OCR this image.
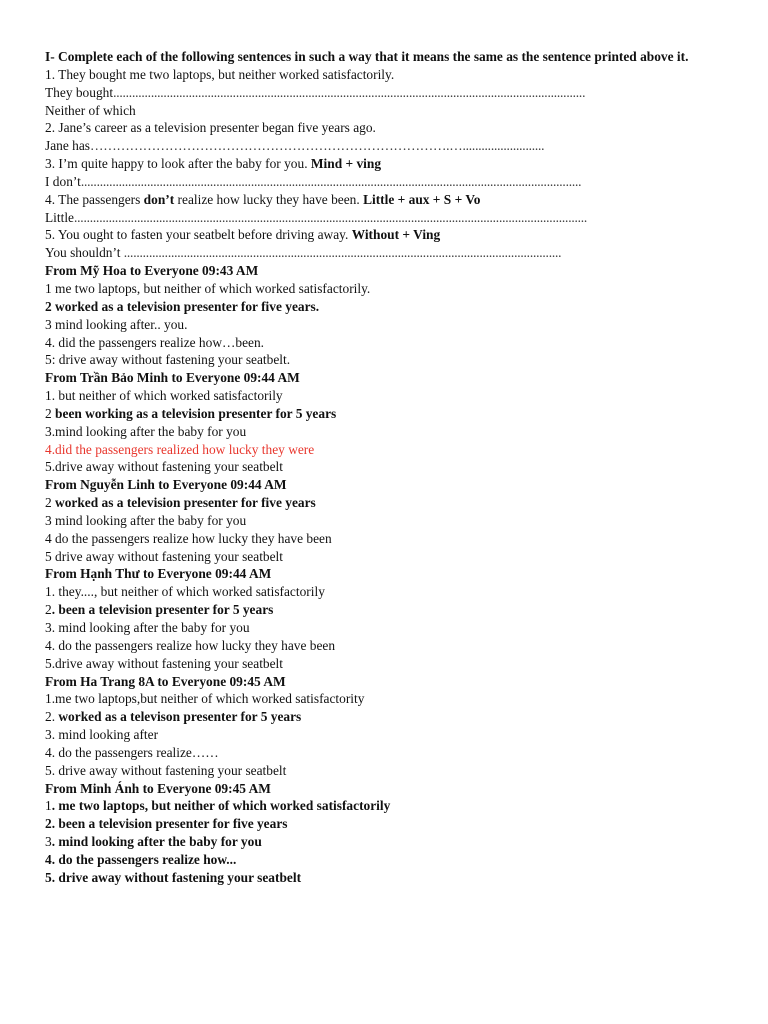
I- Complete each of the following sentences in such a way that it means the same as the sentence printed above it.
1. They bought me two laptops, but neither worked satisfactorily.
They bought......................................................................................................................................................
Neither of which
2. Jane’s career as a television presenter began five years ago.
Jane has……………………………………………………………………….…..........................
3. I’m quite happy to look after the baby for you. Mind + ving
I don’t...............................................................................................................................................................
4. The passengers don’t realize how lucky they have been. Little + aux + S + Vo
Little...................................................................................................................................................................
5. You ought to fasten your seatbelt before driving away. Without + Ving
You shouldn’t ...........................................................................................................................................
From Mỹ Hoa to Everyone 09:43 AM
1 me two laptops, but neither of which worked satisfactorily.
2 worked as a television presenter for five years.
3 mind looking after.. you.
4. did the passengers realize how…been.
5: drive away without fastening your seatbelt.
From Trần Bảo Minh to Everyone 09:44 AM
1. but neither of which worked satisfactorily
2 been working as a television presenter for 5 years
3.mind looking after the baby for you
4.did the passengers realized how lucky they were
5.drive away without fastening your seatbelt
From Nguyễn Linh to Everyone 09:44 AM
2 worked as a television presenter for five years
3 mind looking after the baby for you
4 do the passengers realize how lucky they have been
5 drive away without fastening your seatbelt
From Hạnh Thư to Everyone 09:44 AM
1. they...., but neither of which worked satisfactorily
2. been a television presenter for 5 years
3. mind looking after the baby for you
4. do the passengers realize how lucky they have been
5.drive away without fastening your seatbelt
From Ha Trang 8A to Everyone 09:45 AM
1.me two laptops,but neither of which worked satisfactority
2. worked as a televison presenter for 5 years
3. mind looking after
4. do the passengers realize……
5. drive away without fastening your seatbelt
From Minh Ánh to Everyone 09:45 AM
1. me two laptops, but neither of which worked satisfactorily
2. been a television presenter for five years
3. mind looking after the baby for you
4. do the passengers realize how...
5. drive away without fastening your seatbelt
